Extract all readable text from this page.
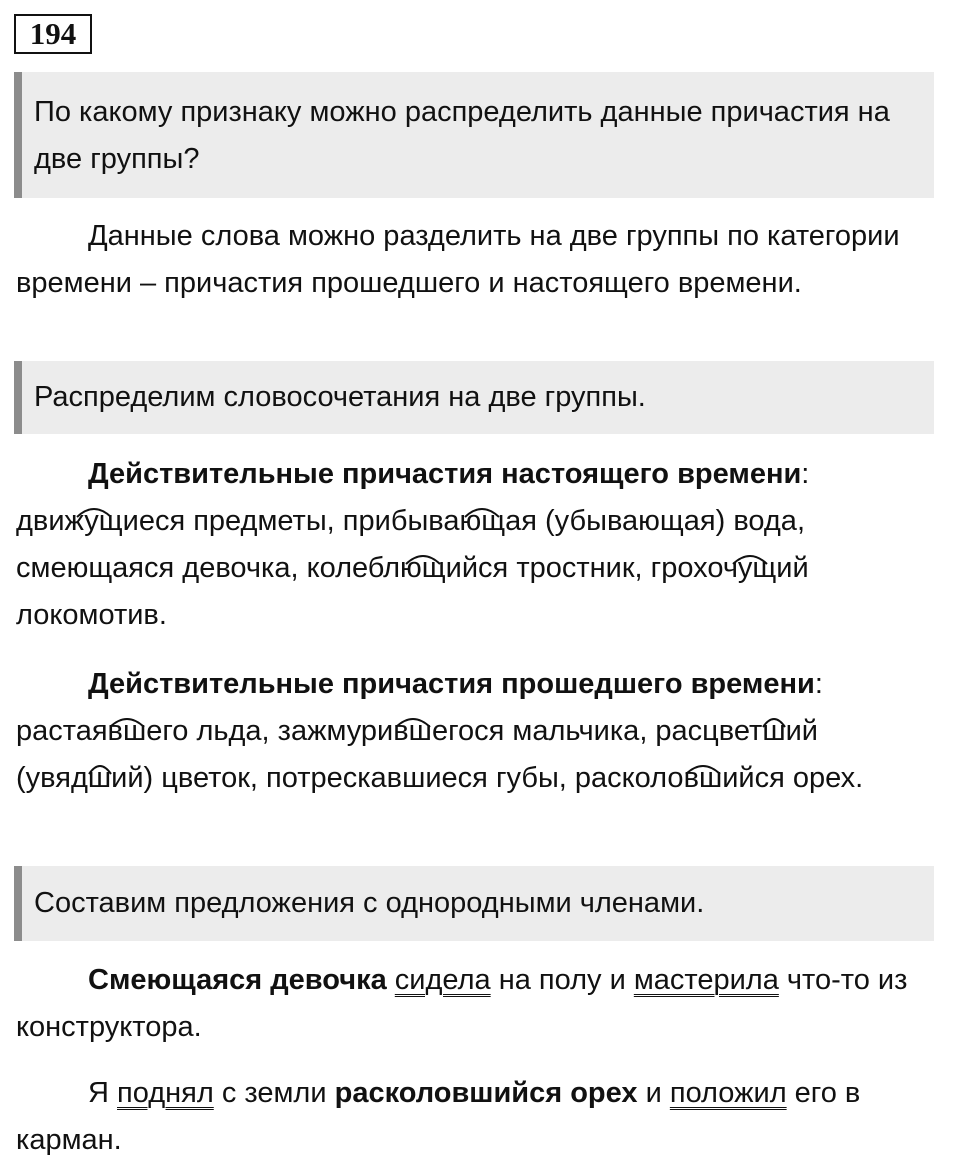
194
По какому признаку можно распределить данные причастия на две группы?
Данные слова можно разделить на две группы по категории времени – причастия прошедшего и настоящего времени.
Распределим словосочетания на две группы.
Действительные причастия настоящего времени:
движущ
иеся предметы, прибывающ
ая (убывающая) вода, смеющаяся девочка, колеблющ
ийся тростник, грохочущ
ий локомотив.
Действительные причастия прошедшего времени:
растаявш
его льда, зажмуривш
егося мальчика, расцветш
ий (увядш
ий) цветок, потрескавшиеся губы, расколовш
ийся орех.
Составим предложения с однородными членами.
Смеющаяся девочка сидела на полу и мастерила что-то из конструктора.
Я поднял с земли расколовшийся орех и положил его в карман.
